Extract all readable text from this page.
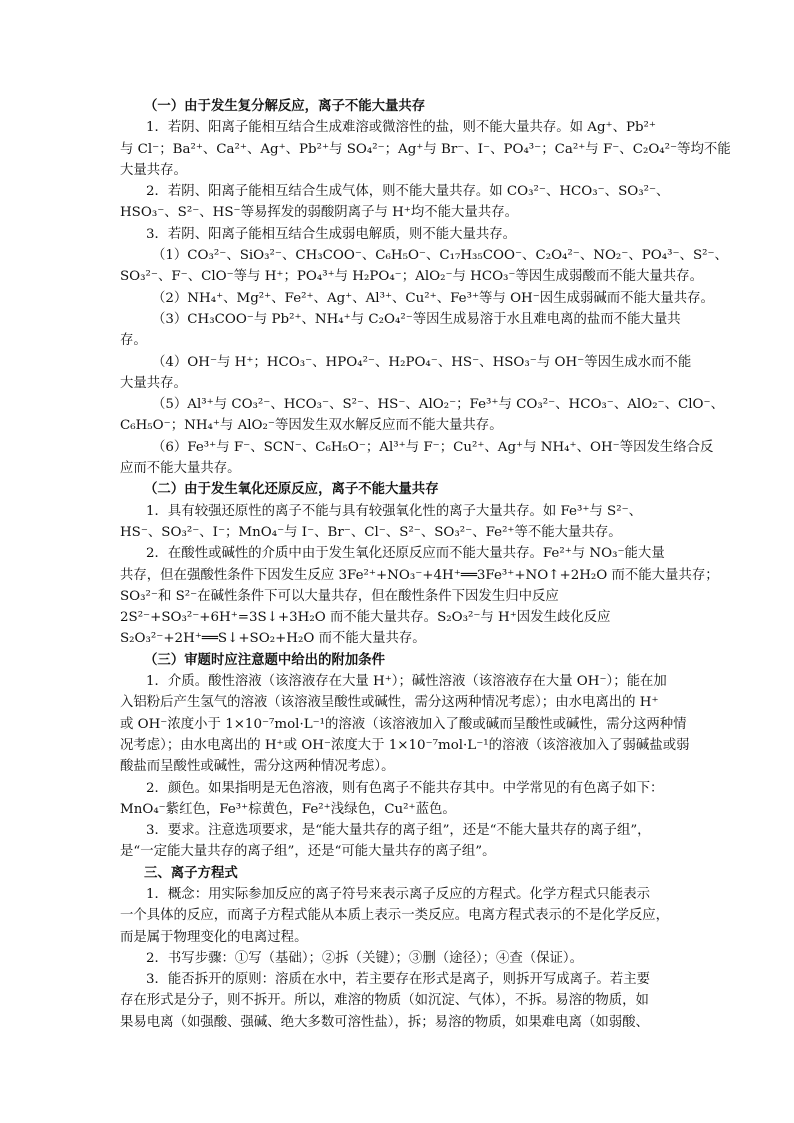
（一）由于发生复分解反应，离子不能大量共存
1．若阴、阳离子能相互结合生成难溶或微溶性的盐，则不能大量共存。如 Ag⁺、Pb²⁺
与 Cl⁻；Ba²⁺、Ca²⁺、Ag⁺、Pb²⁺与 SO₄²⁻；Ag⁺与 Br⁻、I⁻、PO₄³⁻；Ca²⁺与 F⁻、C₂O₄²⁻等均不能
大量共存。
2．若阴、阳离子能相互结合生成气体，则不能大量共存。如 CO₃²⁻、HCO₃⁻、SO₃²⁻、
HSO₃⁻、S²⁻、HS⁻等易挥发的弱酸阴离子与 H⁺均不能大量共存。
3．若阴、阳离子能相互结合生成弱电解质，则不能大量共存。
（1）CO₃²⁻、SiO₃²⁻、CH₃COO⁻、C₆H₅O⁻、C₁₇H₃₅COO⁻、C₂O₄²⁻、NO₂⁻、PO₄³⁻、S²⁻、
SO₃²⁻、F⁻、ClO⁻等与 H⁺；PO₄³⁺与 H₂PO₄⁻；AlO₂⁻与 HCO₃⁻等因生成弱酸而不能大量共存。
（2）NH₄⁺、Mg²⁺、Fe²⁺、Ag⁺、Al³⁺、Cu²⁺、Fe³⁺等与 OH⁻因生成弱碱而不能大量共存。
（3）CH₃COO⁻与 Pb²⁺、NH₄⁺与 C₂O₄²⁻等因生成易溶于水且难电离的盐而不能大量共
存。
（4）OH⁻与 H⁺；HCO₃⁻、HPO₄²⁻、H₂PO₄⁻、HS⁻、HSO₃⁻与 OH⁻等因生成水而不能
大量共存。
（5）Al³⁺与 CO₃²⁻、HCO₃⁻、S²⁻、HS⁻、AlO₂⁻；Fe³⁺与 CO₃²⁻、HCO₃⁻、AlO₂⁻、ClO⁻、
C₆H₅O⁻；NH₄⁺与 AlO₂⁻等因发生双水解反应而不能大量共存。
（6）Fe³⁺与 F⁻、SCN⁻、C₆H₅O⁻；Al³⁺与 F⁻；Cu²⁺、Ag⁺与 NH₄⁺、OH⁻等因发生络合反
应而不能大量共存。
（二）由于发生氧化还原反应，离子不能大量共存
1．具有较强还原性的离子不能与具有较强氧化性的离子大量共存。如 Fe³⁺与 S²⁻、
HS⁻、SO₃²⁻、I⁻；MnO₄⁻与 I⁻、Br⁻、Cl⁻、S²⁻、SO₃²⁻、Fe²⁺等不能大量共存。
2．在酸性或碱性的介质中由于发生氧化还原反应而不能大量共存。Fe²⁺与 NO₃⁻能大量
共存，但在强酸性条件下因发生反应 3Fe²⁺+NO₃⁻+4H⁺══3Fe³⁺+NO↑+2H₂O 而不能大量共存；
SO₃²⁻和 S²⁻在碱性条件下可以大量共存，但在酸性条件下因发生归中反应
2S²⁻+SO₃²⁻+6H⁺=3S↓+3H₂O 而不能大量共存。S₂O₃²⁻与 H⁺因发生歧化反应
S₂O₃²⁻+2H⁺══S↓+SO₂+H₂O 而不能大量共存。
（三）审题时应注意题中给出的附加条件
1．介质。酸性溶液（该溶液存在大量 H⁺）；碱性溶液（该溶液存在大量 OH⁻）；能在加
入铝粉后产生氢气的溶液（该溶液呈酸性或碱性，需分这两种情况考虑）；由水电离出的 H⁺
或 OH⁻浓度小于 1×10⁻⁷mol·L⁻¹的溶液（该溶液加入了酸或碱而呈酸性或碱性，需分这两种情
况考虑）；由水电离出的 H⁺或 OH⁻浓度大于 1×10⁻⁷mol·L⁻¹的溶液（该溶液加入了弱碱盐或弱
酸盐而呈酸性或碱性，需分这两种情况考虑）。
2．颜色。如果指明是无色溶液，则有色离子不能共存其中。中学常见的有色离子如下：
MnO₄⁻紫红色，Fe³⁺棕黄色，Fe²⁺浅绿色，Cu²⁺蓝色。
3．要求。注意选项要求，是“能大量共存的离子组”，还是“不能大量共存的离子组”，
是“一定能大量共存的离子组”，还是“可能大量共存的离子组”。
三、离子方程式
1．概念：用实际参加反应的离子符号来表示离子反应的方程式。化学方程式只能表示
一个具体的反应，而离子方程式能从本质上表示一类反应。电离方程式表示的不是化学反应，
而是属于物理变化的电离过程。
2．书写步骤：①写（基础）；②拆（关键）；③删（途径）；④查（保证）。
3．能否拆开的原则：溶质在水中，若主要存在形式是离子，则拆开写成离子。若主要
存在形式是分子，则不拆开。所以，难溶的物质（如沉淀、气体），不拆。易溶的物质，如
果易电离（如强酸、强碱、绝大多数可溶性盐），拆；易溶的物质，如果难电离（如弱酸、
